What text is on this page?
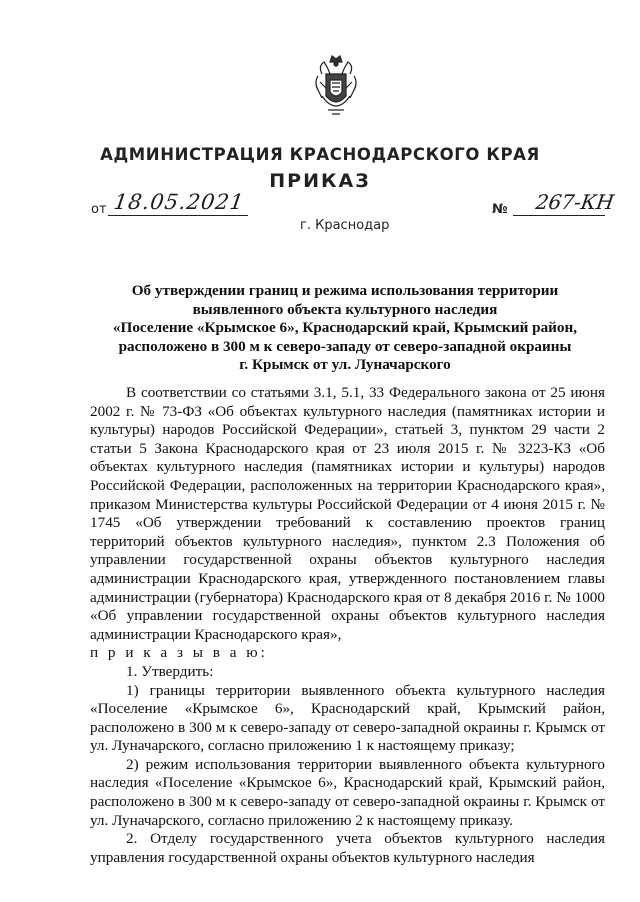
АДМИНИСТРАЦИЯ КРАСНОДАРСКОГО КРАЯ
ПРИКАЗ
от 18.05.2021
г. Краснодар
№ 267-КН
Об утверждении границ и режима использования территории
выявленного объекта культурного наследия
«Поселение «Крымское 6», Краснодарский край, Крымский район,
расположено в 300 м к северо-западу от северо-западной окраины
г. Крымск от ул. Луначарского

В соответствии со статьями 3.1, 5.1, 33 Федерального закона от 25 июня 2002 г. № 73-ФЗ «Об объектах культурного наследия (памятниках истории и культуры) народов Российской Федерации», статьей 3, пунктом 29 части 2 статьи 5 Закона Краснодарского края от 23 июля 2015 г. № 3223-КЗ «Об объектах культурного наследия (памятниках истории и культуры) народов Российской Федерации, расположенных на территории Краснодарского края», приказом Министерства культуры Российской Федерации от 4 июня 2015 г. № 1745 «Об утверждении требований к составлению проектов границ территорий объектов культурного наследия», пунктом 2.3 Положения об управлении государственной охраны объектов культурного наследия администрации Краснодарского края, утвержденного постановлением главы администрации (губернатора) Краснодарского края от 8 декабря 2016 г. № 1000 «Об управлении государственной охраны объектов культурного наследия администрации Краснодарского края»,

п р и к а з ы в а ю:

1. Утвердить:

1) границы территории выявленного объекта культурного наследия «Поселение «Крымское 6», Краснодарский край, Крымский район, расположено в 300 м к северо-западу от северо-западной окраины г. Крымск от ул. Луначарского, согласно приложению 1 к настоящему приказу;

2) режим использования территории выявленного объекта культурного наследия «Поселение «Крымское 6», Краснодарский край, Крымский район, расположено в 300 м к северо-западу от северо-западной окраины г. Крымск от ул. Луначарского, согласно приложению 2 к настоящему приказу.

2. Отделу государственного учета объектов культурного наследия управления государственной охраны объектов культурного наследия
